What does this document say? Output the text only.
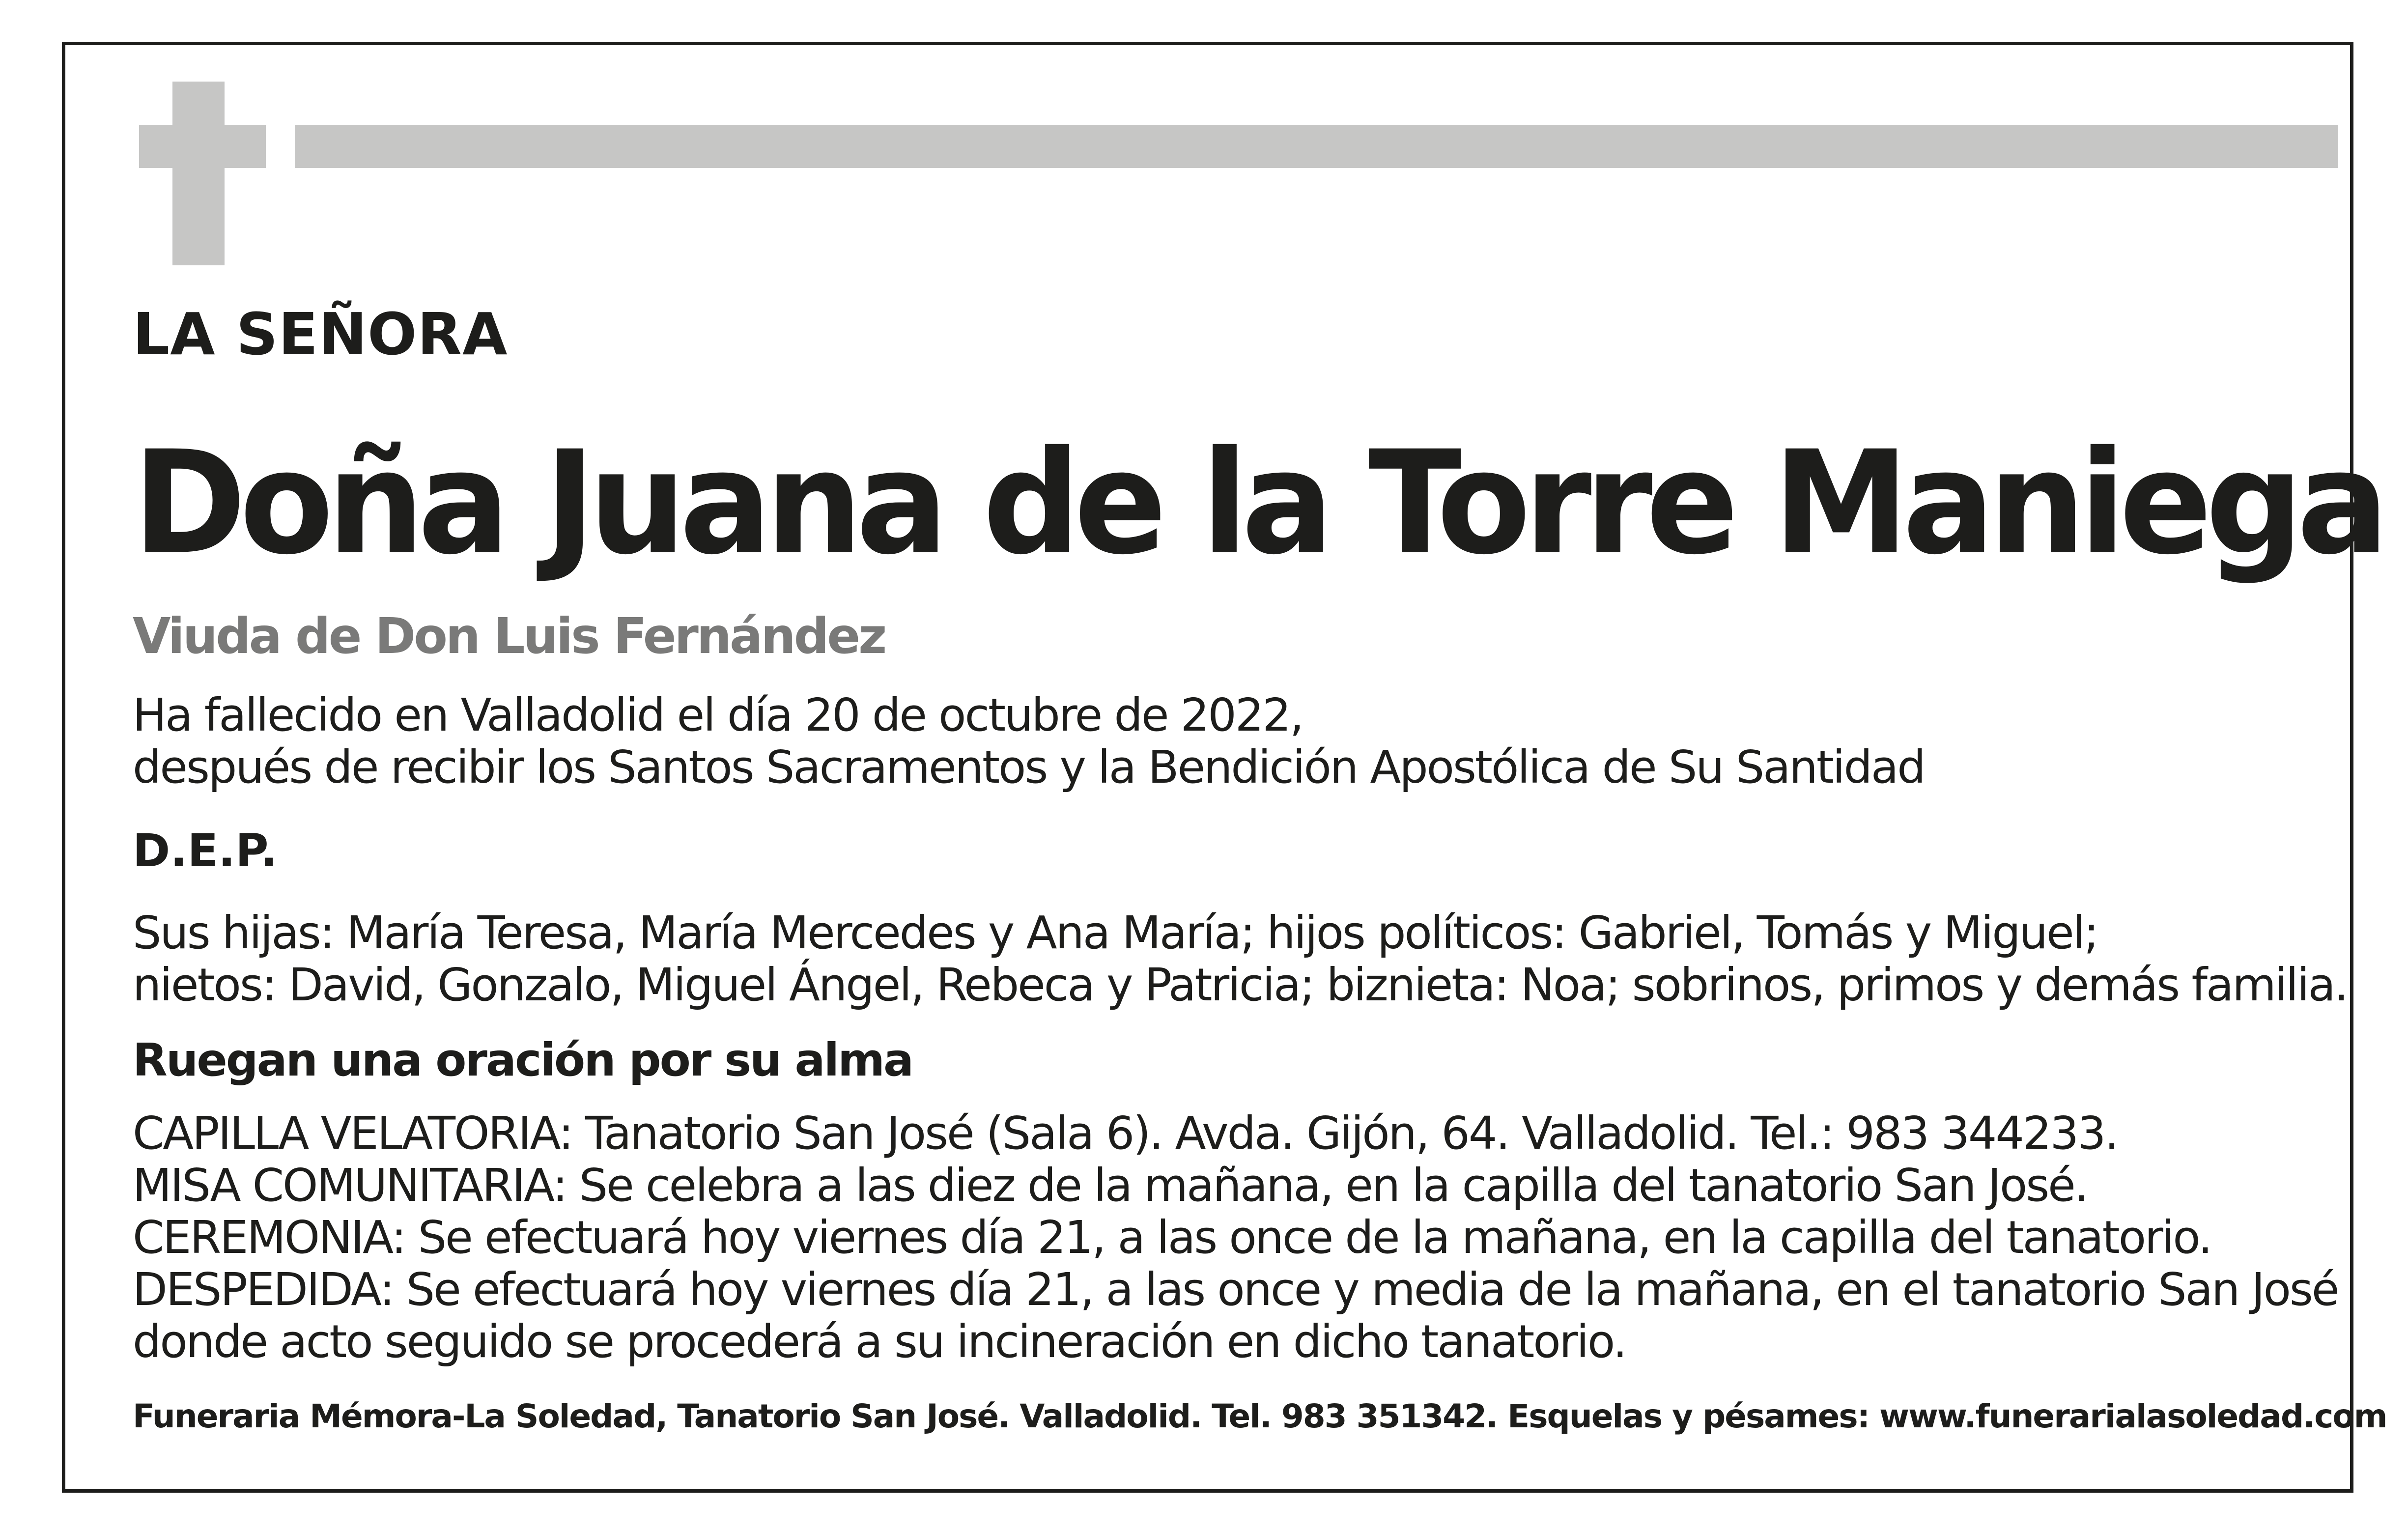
LA SEÑORA

Doña Juana de la Torre Maniega

Viuda de Don Luis Fernández

Ha fallecido en Valladolid el día 20 de octubre de 2022,
después de recibir los Santos Sacramentos y la Bendición Apostólica de Su Santidad

D.E.P.

Sus hijas: María Teresa, María Mercedes y Ana María; hijos políticos: Gabriel, Tomás y Miguel;
nietos: David, Gonzalo, Miguel Ángel, Rebeca y Patricia; biznieta: Noa; sobrinos, primos y demás familia.

Ruegan una oración por su alma

CAPILLA VELATORIA: Tanatorio San José (Sala 6). Avda. Gijón, 64. Valladolid. Tel.: 983 344233.
MISA COMUNITARIA: Se celebra a las diez de la mañana, en la capilla del tanatorio San José.
CEREMONIA: Se efectuará hoy viernes día 21, a las once de la mañana, en la capilla del tanatorio.
DESPEDIDA: Se efectuará hoy viernes día 21, a las once y media de la mañana, en el tanatorio San José
donde acto seguido se procederá a su incineración en dicho tanatorio.

Funeraria Mémora-La Soledad, Tanatorio San José. Valladolid. Tel. 983 351342. Esquelas y pésames: www.funerarialasoledad.com
